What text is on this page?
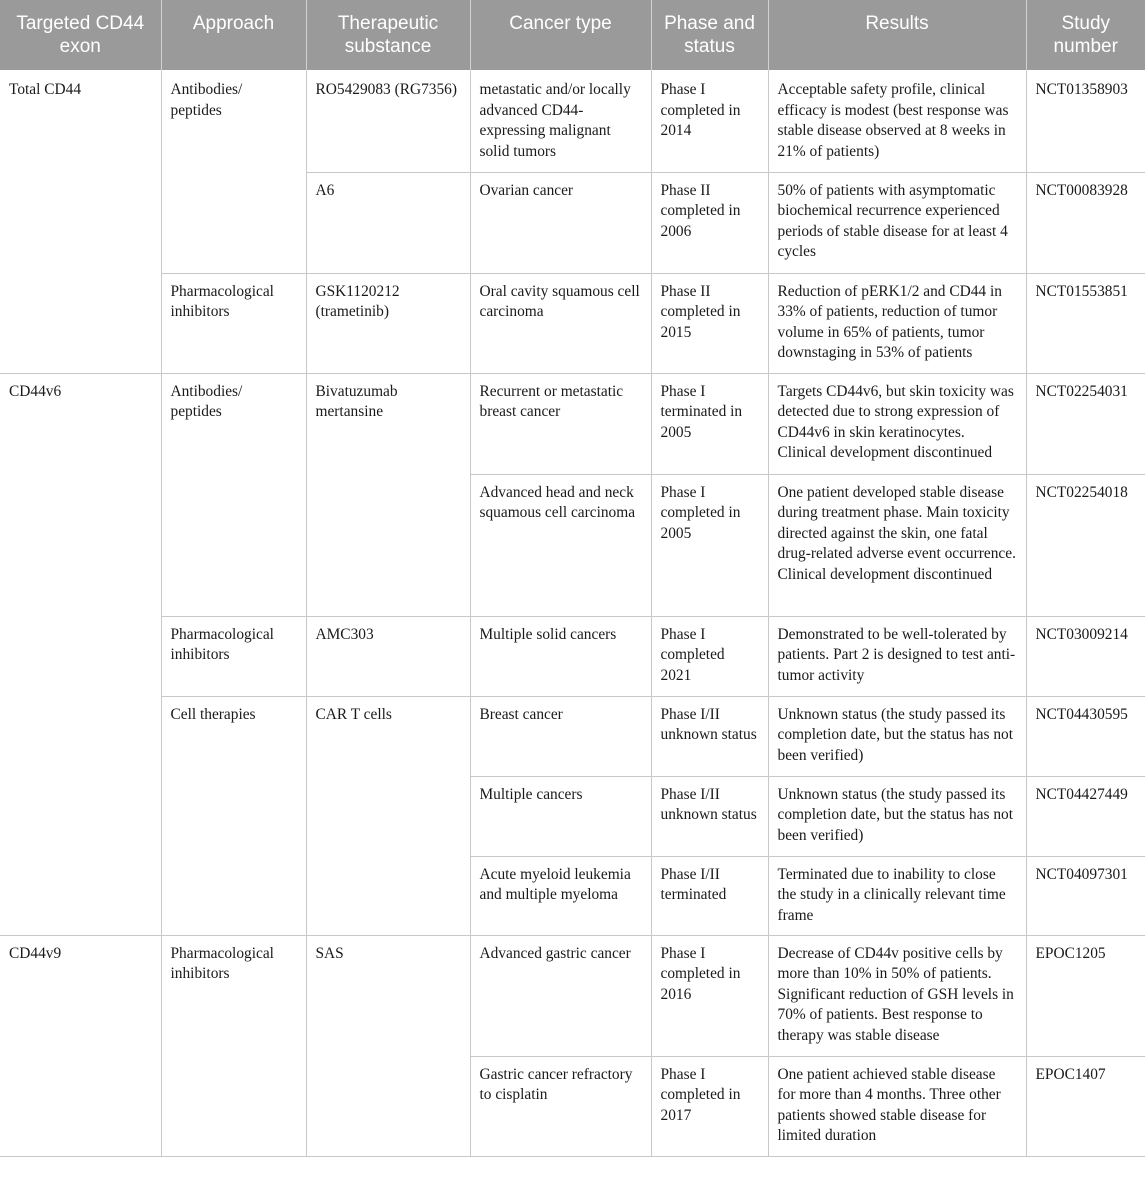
Targeted CD44 exon	Approach	Therapeutic substance	Cancer type	Phase and status	Results	Study number

Total CD44	Antibodies/ peptides	RO5429083 (RG7356)	metastatic and/or locally advanced CD44-expressing malignant solid tumors	Phase I completed in 2014	Acceptable safety profile, clinical efficacy is modest (best response was stable disease observed at 8 weeks in 21% of patients)	NCT01358903

		A6	Ovarian cancer	Phase II completed in 2006	50% of patients with asymptomatic biochemical recurrence experienced periods of stable disease for at least 4 cycles	NCT00083928

	Pharmacological inhibitors	GSK1120212 (trametinib)	Oral cavity squamous cell carcinoma	Phase II completed in 2015	Reduction of pERK1/2 and CD44 in 33% of patients, reduction of tumor volume in 65% of patients, tumor downstaging in 53% of patients	NCT01553851

CD44v6	Antibodies/ peptides	Bivatuzumab mertansine	Recurrent or metastatic breast cancer	Phase I terminated in 2005	Targets CD44v6, but skin toxicity was detected due to strong expression of CD44v6 in skin keratinocytes. Clinical development discontinued	NCT02254031

			Advanced head and neck squamous cell carcinoma	Phase I completed in 2005	One patient developed stable disease during treatment phase. Main toxicity directed against the skin, one fatal drug-related adverse event occurrence. Clinical development discontinued	NCT02254018

	Pharmacological inhibitors	AMC303	Multiple solid cancers	Phase I completed 2021	Demonstrated to be well-tolerated by patients. Part 2 is designed to test anti-tumor activity	NCT03009214

	Cell therapies	CAR T cells	Breast cancer	Phase I/II unknown status	Unknown status (the study passed its completion date, but the status has not been verified)	NCT04430595

			Multiple cancers	Phase I/II unknown status	Unknown status (the study passed its completion date, but the status has not been verified)	NCT04427449

			Acute myeloid leukemia and multiple myeloma	Phase I/II terminated	Terminated due to inability to close the study in a clinically relevant time frame	NCT04097301

CD44v9	Pharmacological inhibitors	SAS	Advanced gastric cancer	Phase I completed in 2016	Decrease of CD44v positive cells by more than 10% in 50% of patients. Significant reduction of GSH levels in 70% of patients. Best response to therapy was stable disease	EPOC1205

			Gastric cancer refractory to cisplatin	Phase I completed in 2017	One patient achieved stable disease for more than 4 months. Three other patients showed stable disease for limited duration	EPOC1407
